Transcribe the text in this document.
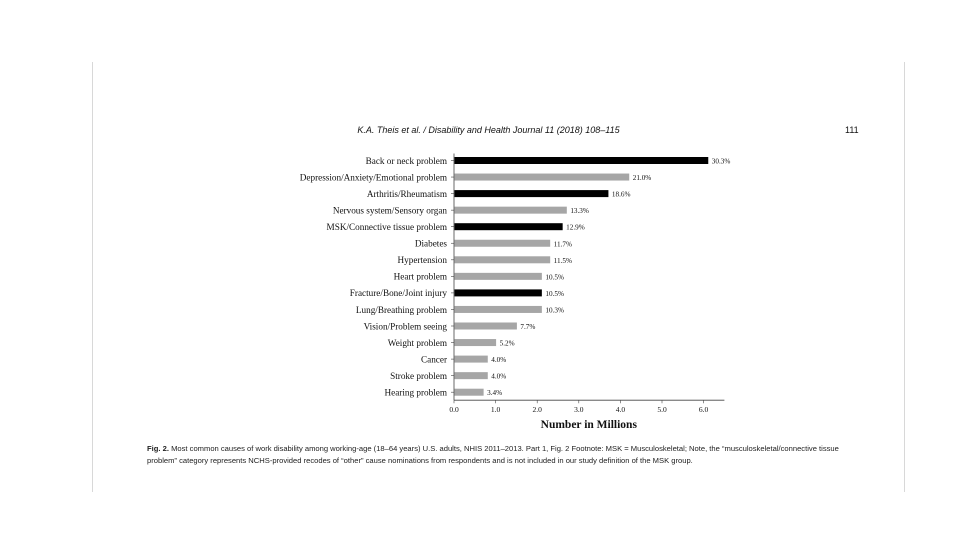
K.A. Theis et al. / Disability and Health Journal 11 (2018) 108–115	111
Back or neck problem	30.3%
Depression/Anxiety/Emotional problem	21.0%
Arthritis/Rheumatism	18.6%
Nervous system/Sensory organ	13.3%
MSK/Connective tissue problem	12.9%
Diabetes	11.7%
Hypertension	11.5%
Heart problem	10.5%
Fracture/Bone/Joint injury	10.5%
Lung/Breathing problem	10.3%
Vision/Problem seeing	7.7%
Weight problem	5.2%
Cancer	4.0%
Stroke problem	4.0%
Hearing problem	3.4%
0.0	1.0	2.0	3.0	4.0	5.0	6.0
Number in Millions
Fig. 2. Most common causes of work disability among working-age (18–64 years) U.S. adults, NHIS 2011–2013. Part 1, Fig. 2 Footnote: MSK = Musculoskeletal; Note, the “musculoskeletal/connective tissue problem” category represents NCHS-provided recodes of “other” cause nominations from respondents and is not included in our study definition of the MSK group.
